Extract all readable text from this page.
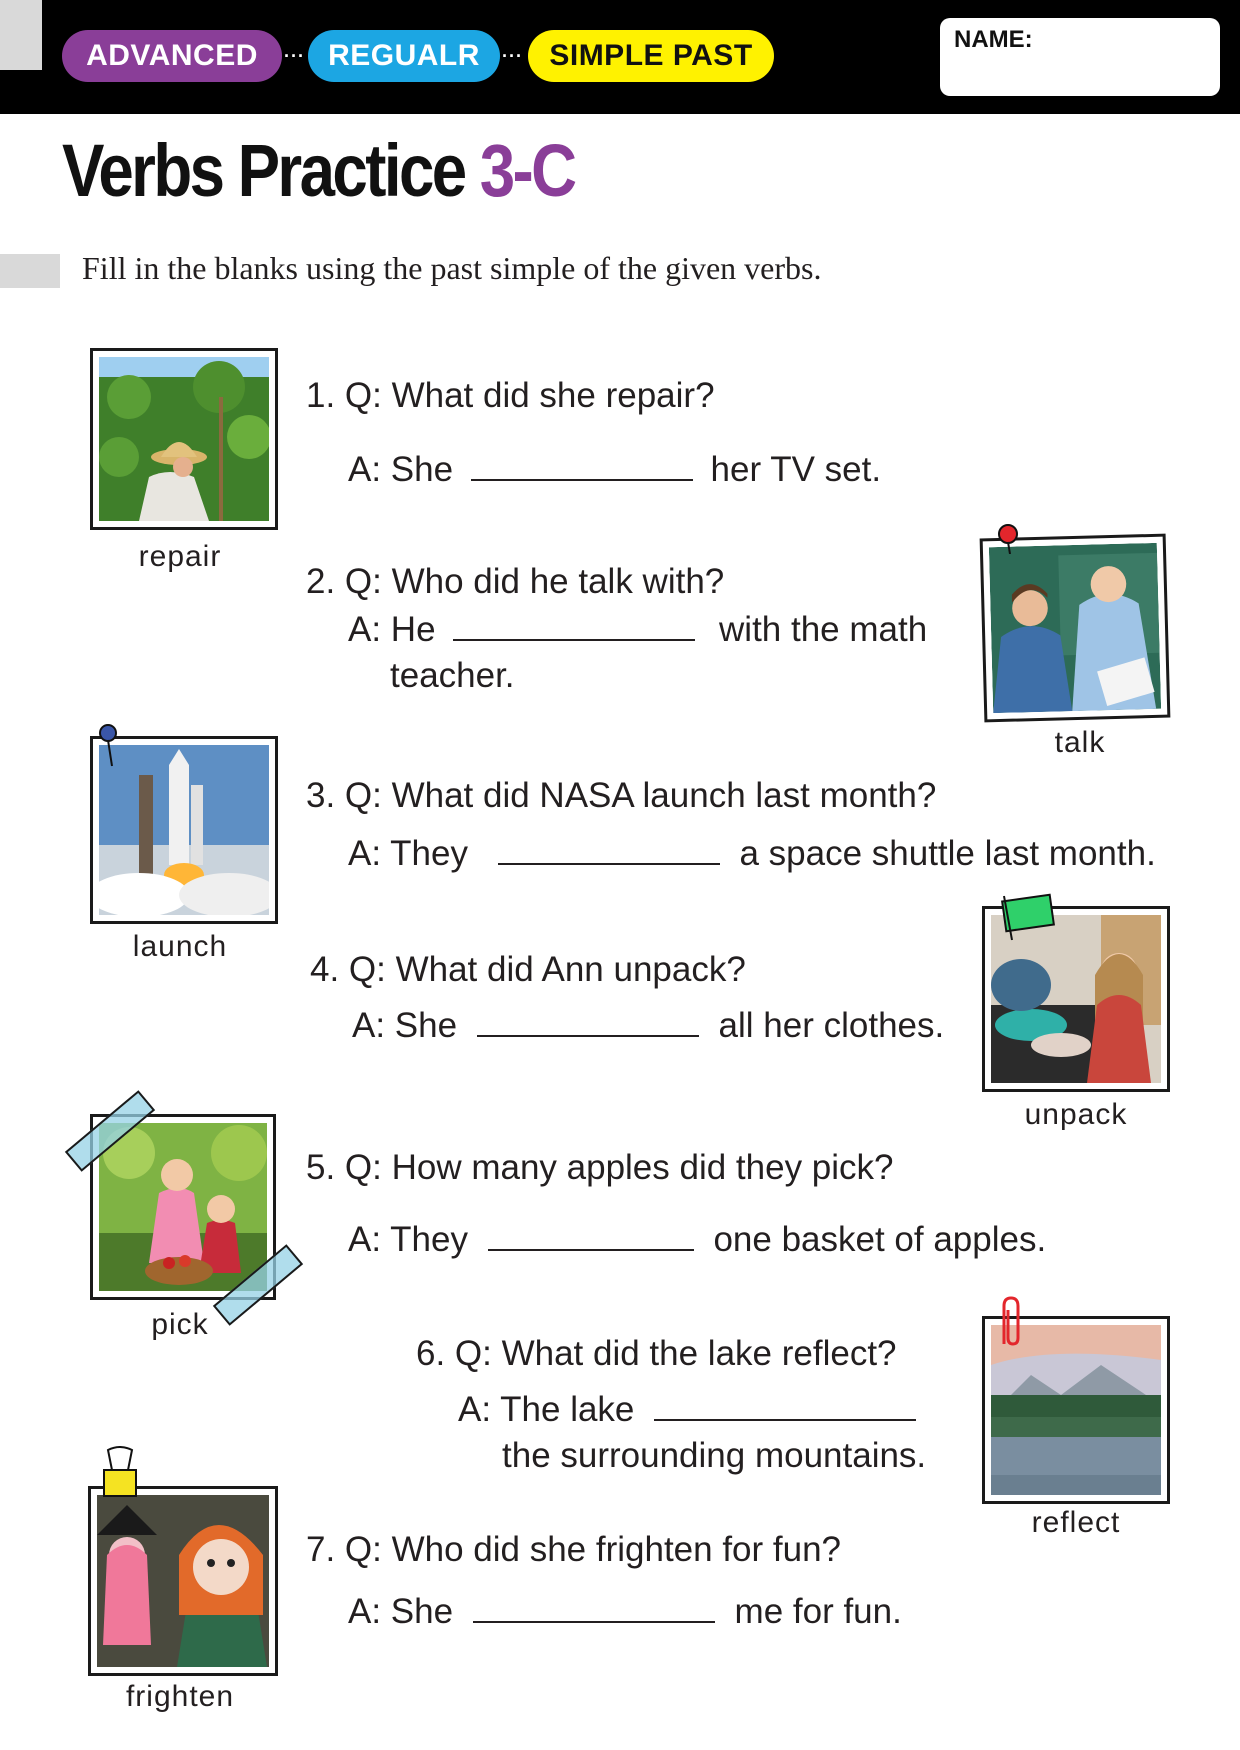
ADVANCED	··· REGUALR	··· SIMPLE PAST	NAME:
Verbs Practice 3-C
Fill in the blanks using the past simple of the given verbs.
repair
1. Q: What did she repair?
A: She	her TV set.
2. Q: Who did he talk with?
A: He	with the math
teacher.
talk
launch
3. Q: What did NASA launch last month?
A: They	a space shuttle last month.
4. Q: What did Ann unpack?
A: She	all her clothes.
unpack
pick
5. Q: How many apples did they pick?
A: They	one basket of apples.
6. Q: What did the lake reflect?
A: The lake
the surrounding mountains.
reflect
frighten
7. Q: Who did she frighten for fun?
A: She	me for fun.
